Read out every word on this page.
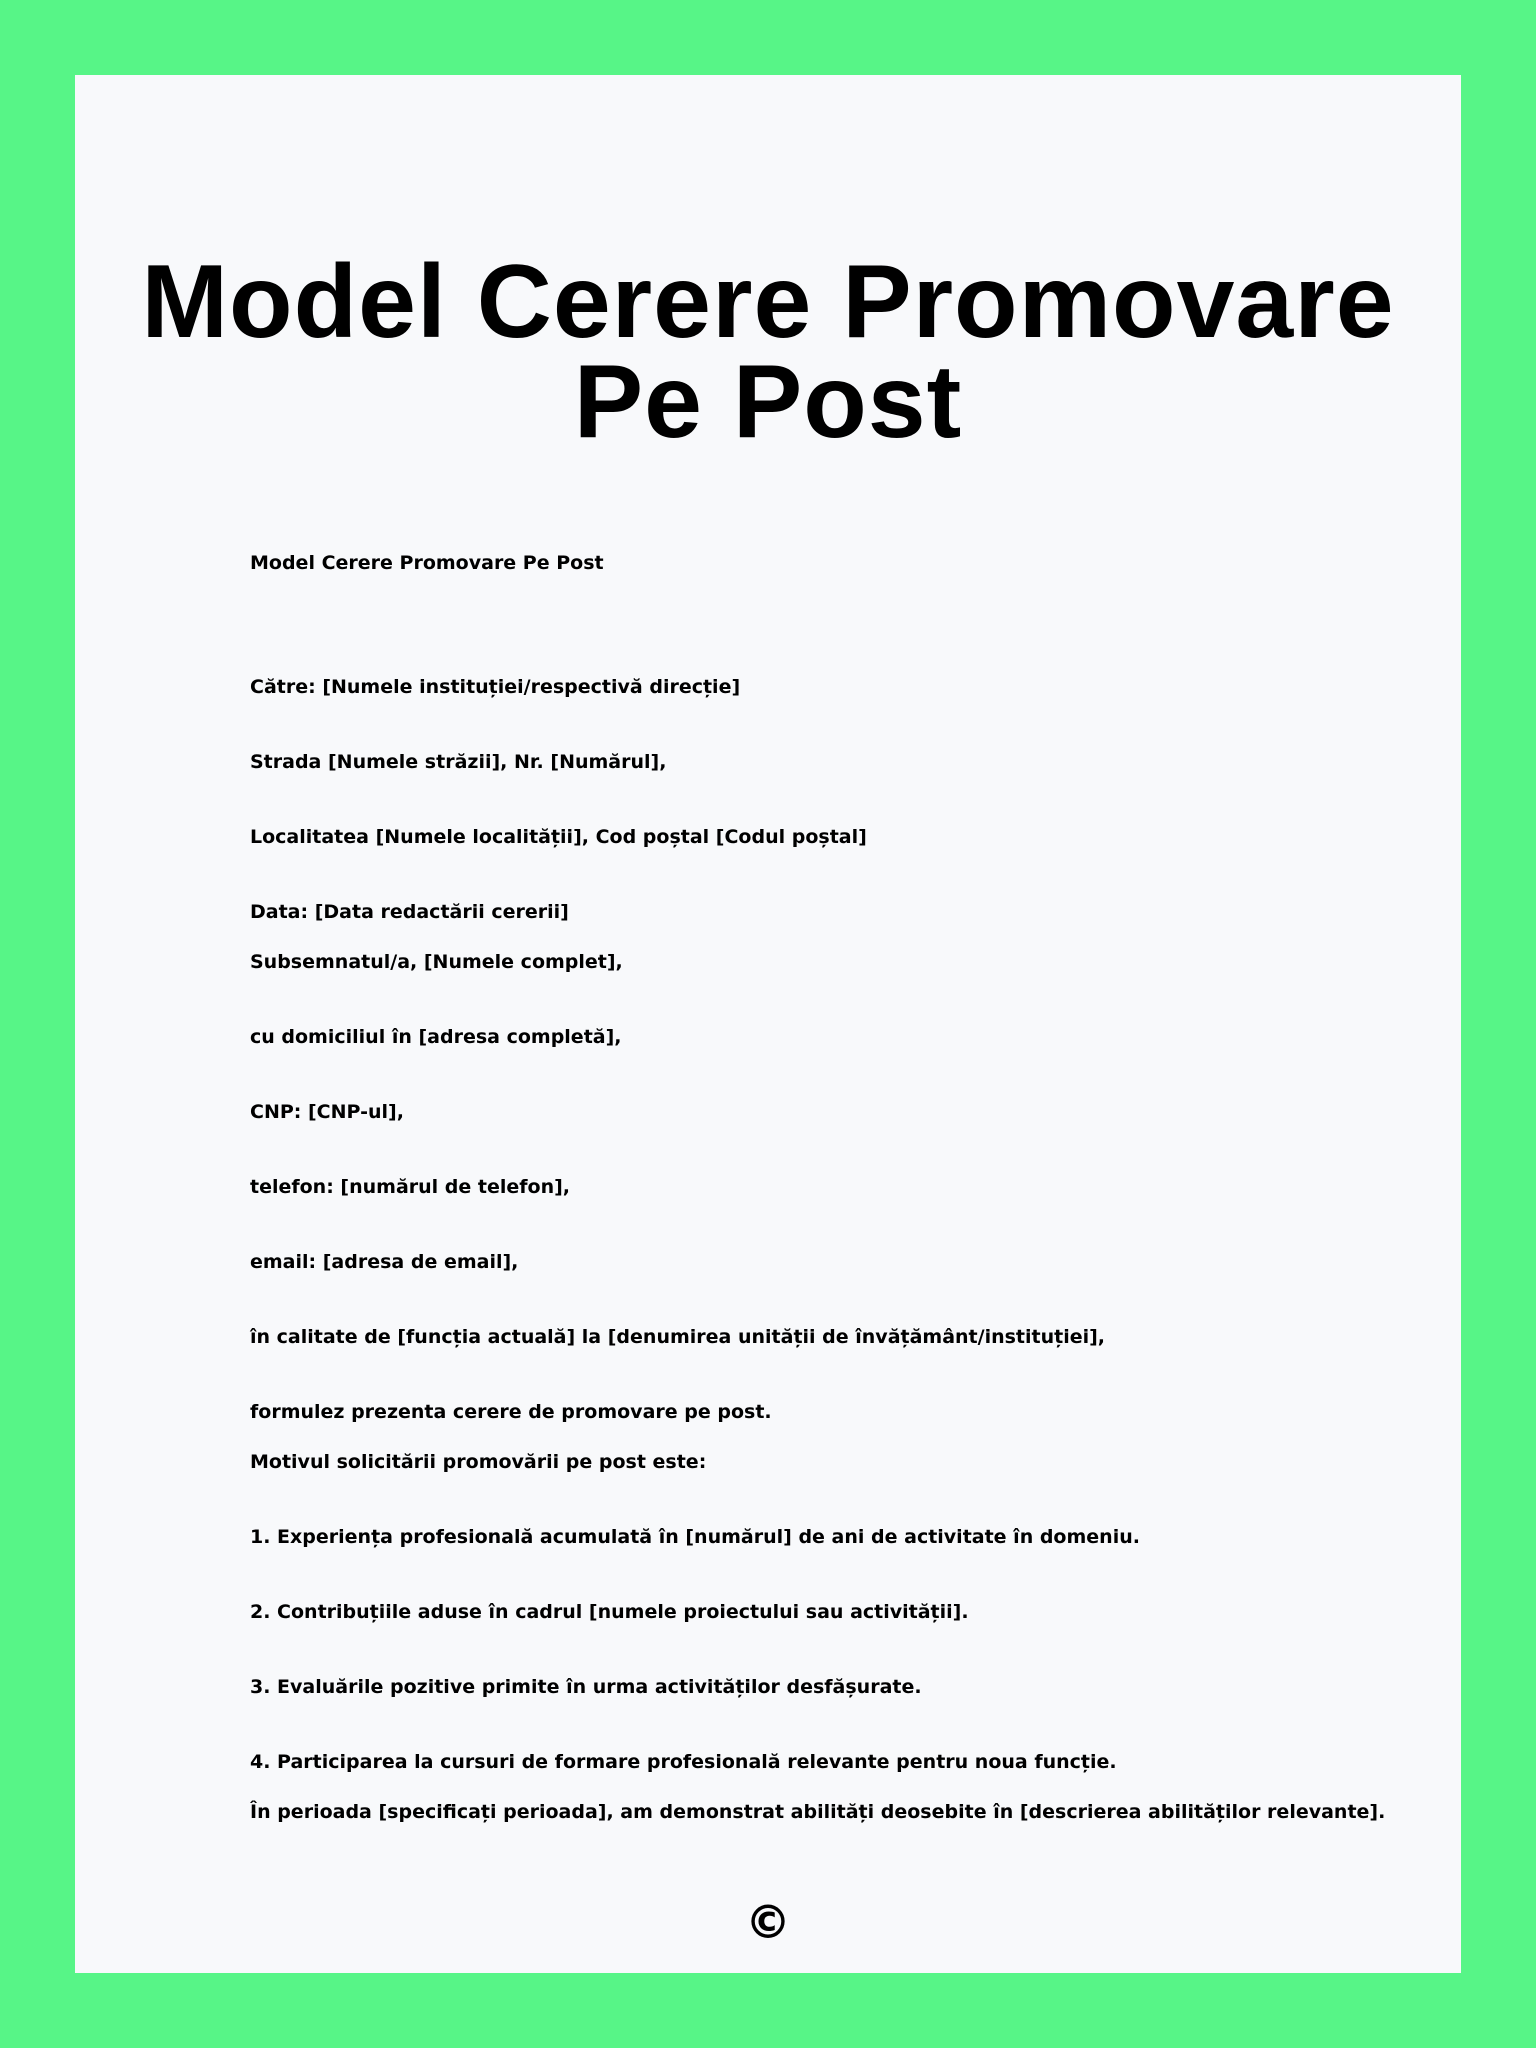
Model Cerere Promovare Pe Post
Model Cerere Promovare Pe Post
Către: [Numele instituției/respectivă direcție]
Strada [Numele străzii], Nr. [Numărul],
Localitatea [Numele localității], Cod poștal [Codul poștal]
Data: [Data redactării cererii]
Subsemnatul/a, [Numele complet],
cu domiciliul în [adresa completă],
CNP: [CNP-ul],
telefon: [numărul de telefon],
email: [adresa de email],
în calitate de [funcția actuală] la [denumirea unității de învățământ/instituției],
formulez prezenta cerere de promovare pe post.
Motivul solicitării promovării pe post este:
1. Experiența profesională acumulată în [numărul] de ani de activitate în domeniu.
2. Contribuțiile aduse în cadrul [numele proiectului sau activității].
3. Evaluările pozitive primite în urma activităților desfășurate.
4. Participarea la cursuri de formare profesională relevante pentru noua funcție.
În perioada [specificați perioada], am demonstrat abilități deosebite în [descrierea abilităților relevante].
©
